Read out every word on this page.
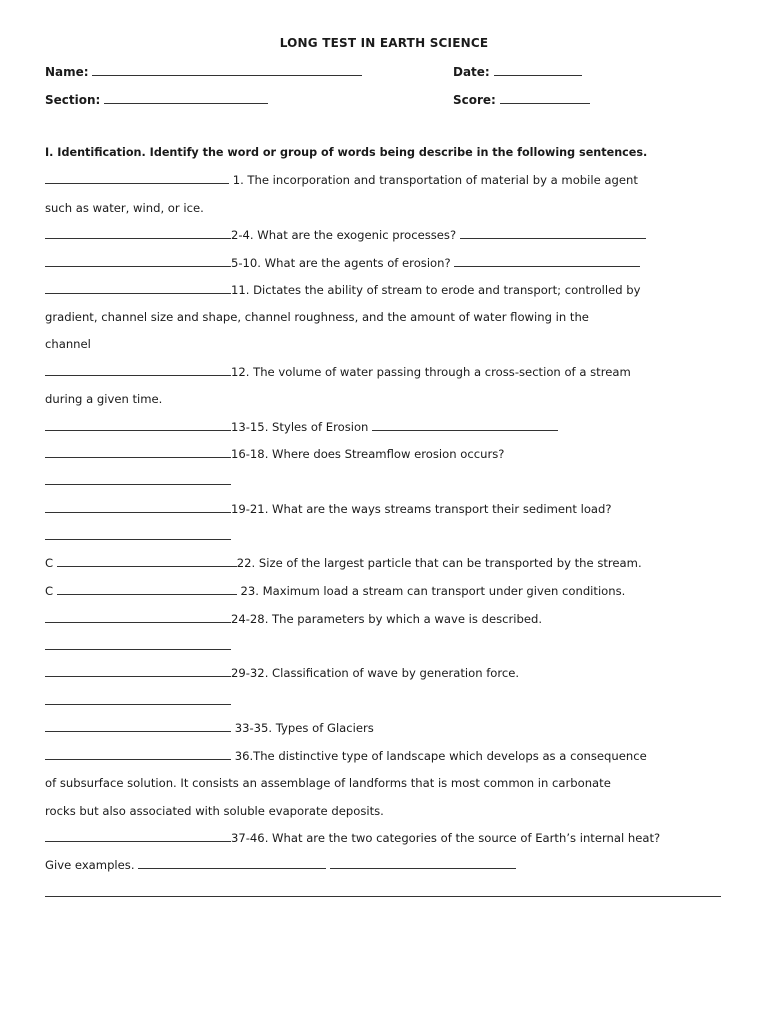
LONG TEST IN EARTH SCIENCE
Name:	Date:
Section:	Score:
I. Identification. Identify the word or group of words being describe in the following sentences.
1. The incorporation and transportation of material by a mobile agent
such as water, wind, or ice.
2-4. What are the exogenic processes?
5-10. What are the agents of erosion?
11. Dictates the ability of stream to erode and transport; controlled by
gradient, channel size and shape, channel roughness, and the amount of water flowing in the
channel
12. The volume of water passing through a cross-section of a stream
during a given time.
13-15. Styles of Erosion
16-18. Where does Streamflow erosion occurs?
19-21. What are the ways streams transport their sediment load?
C	22. Size of the largest particle that can be transported by the stream.
C	23. Maximum load a stream can transport under given conditions.
24-28. The parameters by which a wave is described.
29-32. Classification of wave by generation force.
33-35. Types of Glaciers
36.The distinctive type of landscape which develops as a consequence
of subsurface solution. It consists an assemblage of landforms that is most common in carbonate
rocks but also associated with soluble evaporate deposits.
37-46. What are the two categories of the source of Earth’s internal heat?
Give examples.
